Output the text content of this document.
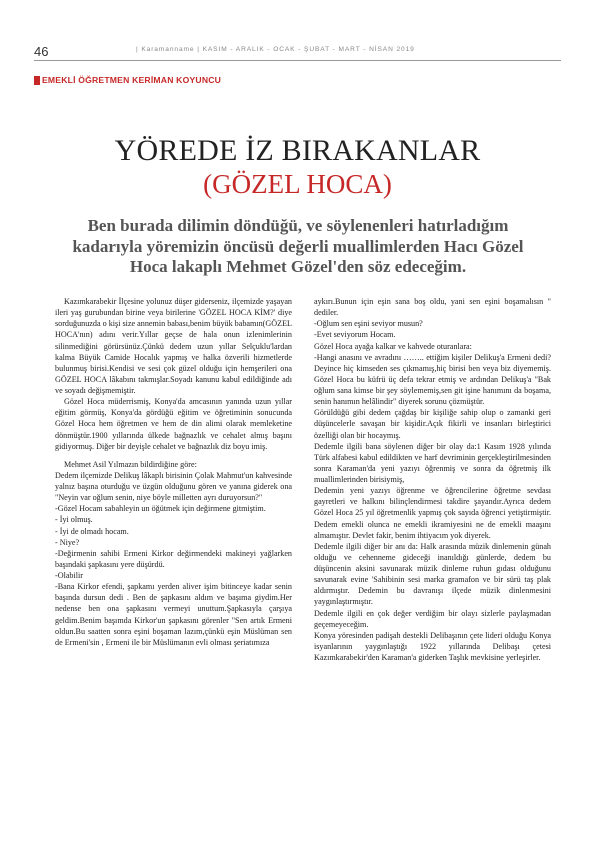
46	| Karamanname | KASIM - ARALIK - OCAK - ŞUBAT - MART - NİSAN 2019
EMEKLİ ÖĞRETMEN KERİMAN KOYUNCU
YÖREDE İZ BIRAKANLAR
(GÖZEL HOCA)
Ben burada dilimin döndüğü, ve söylenenleri hatırladığım kadarıyla yöremizin öncüsü değerli muallimlerden Hacı Gözel Hoca lakaplı Mehmet Gözel'den söz edeceğim.

Kazımkarabekir İlçesine yolunuz düşer giderseniz, ilçemizde yaşayan ileri yaş gurubundan birine veya birilerine 'GÖZEL HOCA KİM?' diye sorduğunuzda o kişi size annemin babası,benim büyük babamın(GÖZEL HOCA'nın) adını verir.Yıllar geçse de hala onun izlenimlerinin silinmediğini görürsünüz.Çünkü dedem uzun yıllar Selçuklu'lardan kalma Büyük Camide Hocalık yapmış ve halka özverili hizmetlerde bulunmuş birisi.Kendisi ve sesi çok güzel olduğu için hemşerileri ona GÖZEL HOCA lâkabını takmışlar.Soyadı kanunu kabul edildiğinde adı ve soyadı değişmemiştir.

Gözel Hoca müderrismiş, Konya'da amcasının yanında uzun yıllar eğitim görmüş, Konya'da gördüğü eğitim ve öğretiminin sonucunda Gözel Hoca hem öğretmen ve hem de din alimi olarak memleketine dönmüştür.1900 yıllarında ülkede bağnazlık ve cehalet almış başını gidiyormuş. Diğer bir deyişle cehalet ve bağnazlık diz boyu imiş.

Mehmet Asil Yılmazın bildirdiğine göre:

Dedem ilçemizde Delikuş lâkaplı birisinin Çolak Mahmut'un kahvesinde yalnız başına oturduğu ve üzgün olduğunu gören ve yanına giderek ona "Neyin var oğlum senin, niye böyle milletten ayrı duruyorsun?"

-Gözel Hocam sabahleyin un öğütmek için değirmene gitmiştim.

- İyi olmuş.

- İyi de olmadı hocam.

- Niye?

-Değirmenin sahibi Ermeni Kirkor değirmendeki makineyi yağlarken başındaki şapkasını yere düşürdü.

-Olabilir

-Bana Kirkor efendi, şapkamı yerden aliver işim bitinceye kadar senin başında dursun dedi . Ben de şapkasını aldım ve başıma giydim.Her nedense ben ona şapkasını vermeyi unuttum.Şapkasıyla çarşıya geldim.Benim başımda Kirkor'un şapkasını görenler "Sen artık Ermeni oldun.Bu saatten sonra eşini boşaman lazım,çünkü eşin Müslüman sen de Ermeni'sin , Ermeni ile bir Müslümanın evli olması şeriatımıza

aykırı.Bunun için eşin sana boş oldu, yani sen eşini boşamalısın " dediler.

-Oğlum sen eşini seviyor musun?

-Evet seviyorum Hocam.

Gözel Hoca ayağa kalkar ve kahvede oturanlara:

-Hangi anasını ve avradını …….. ettiğim kişiler Delikuş'a Ermeni dedi? Deyince hiç kimseden ses çıkmamış,hiç birisi ben veya biz diyememiş. Gözel Hoca bu küfrü üç defa tekrar etmiş ve ardından Delikuş'a "Bak oğlum sana kimse bir şey söylememiş,sen git işine hanımını da boşama, senin hanımın helâlindir" diyerek sorunu çözmüştür.

Görüldüğü gibi dedem çağdaş bir kişiliğe sahip olup o zamanki geri düşüncelerle savaşan bir kişidir.Açık fikirli ve insanları birleştirici özelliği olan bir hocaymış.

Dedemle ilgili bana söylenen diğer bir olay da:1 Kasım 1928 yılında Türk alfabesi kabul edildikten ve harf devriminin gerçekleştirilmesinden sonra Karaman'da yeni yazıyı öğrenmiş ve sonra da öğretmiş ilk muallimlerinden birisiymiş,

Dedemin yeni yazıyı öğrenme ve öğrencilerine öğretme sevdası gayretleri ve halkını bilinçlendirmesi takdire şayandır.Ayrıca dedem Gözel Hoca 25 yıl öğretmenlik yapmış çok sayıda öğrenci yetiştirmiştir. Dedem emekli olunca ne emekli ikramiyesini ne de emekli maaşını almamıştır. Devlet fakir, benim ihtiyacım yok diyerek.

Dedemle ilgili diğer bir anı da: Halk arasında müzik dinlemenin günah olduğu ve cehenneme gideceği inanıldığı günlerde, dedem bu düşüncenin aksini savunarak müzik dinleme ruhun gıdası olduğunu savunarak evine 'Sahibinin sesi marka gramafon ve bir sürü taş plak aldırmıştır. Dedemin bu davranışı ilçede müzik dinlenmesini yaygınlaştırmıştır.

Dedemle ilgili en çok değer verdiğim bir olayı sizlerle paylaşmadan geçemeyeceğim.

Konya yöresinden padişah destekli Delibaşının çete lideri olduğu Konya isyanlarının yaygınlaştığı 1922 yıllarında Delibaşı çetesi Kazımkarabekir'den Karaman'a giderken Taşlık mevkisine yerleşirler.
